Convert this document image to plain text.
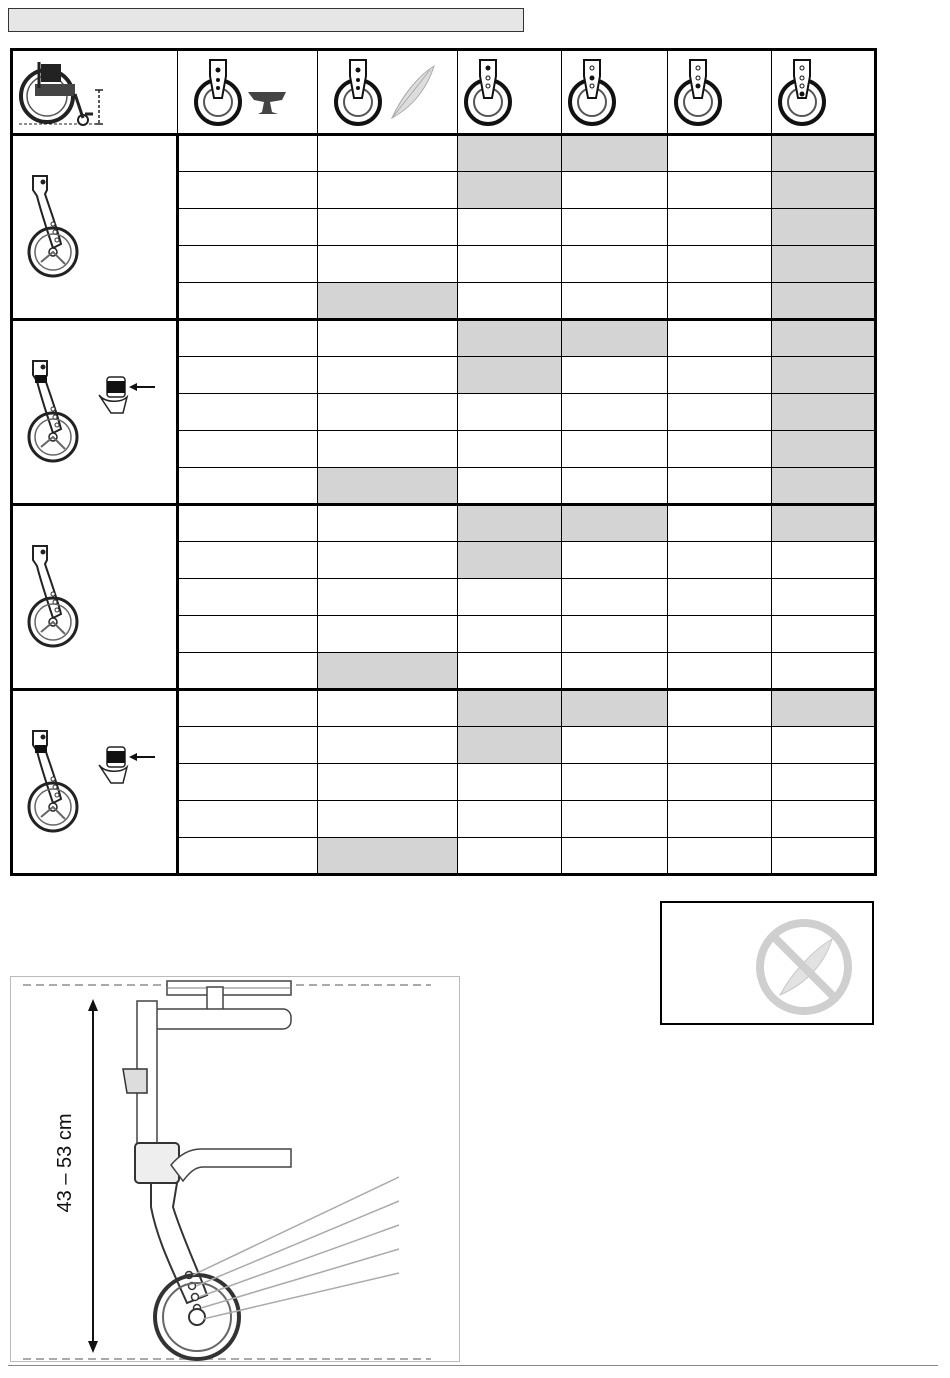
43 – 53 cm
